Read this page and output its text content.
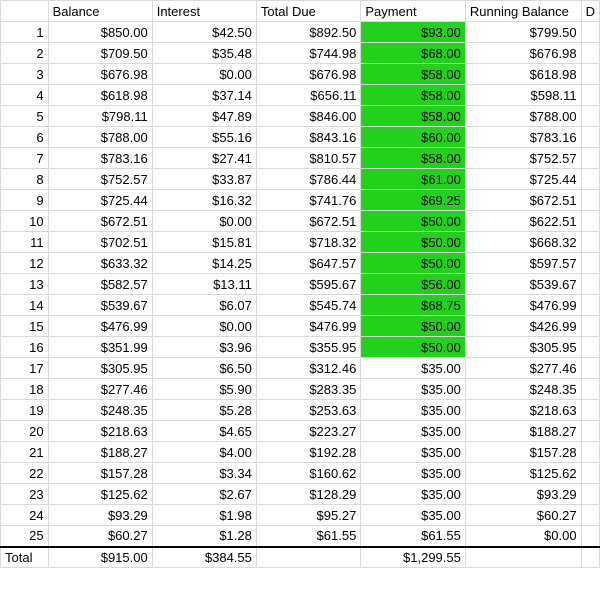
	Balance	Interest	Total Due	Payment	Running Balance	D
1	$850.00	$42.50	$892.50	$93.00	$799.50	
2	$709.50	$35.48	$744.98	$68.00	$676.98	
3	$676.98	$0.00	$676.98	$58.00	$618.98	
4	$618.98	$37.14	$656.11	$58.00	$598.11	
5	$798.11	$47.89	$846.00	$58.00	$788.00	
6	$788.00	$55.16	$843.16	$60.00	$783.16	
7	$783.16	$27.41	$810.57	$58.00	$752.57	
8	$752.57	$33.87	$786.44	$61.00	$725.44	
9	$725.44	$16.32	$741.76	$69.25	$672.51	
10	$672.51	$0.00	$672.51	$50.00	$622.51	
11	$702.51	$15.81	$718.32	$50.00	$668.32	
12	$633.32	$14.25	$647.57	$50.00	$597.57	
13	$582.57	$13.11	$595.67	$56.00	$539.67	
14	$539.67	$6.07	$545.74	$68.75	$476.99	
15	$476.99	$0.00	$476.99	$50.00	$426.99	
16	$351.99	$3.96	$355.95	$50.00	$305.95	
17	$305.95	$6.50	$312.46	$35.00	$277.46	
18	$277.46	$5.90	$283.35	$35.00	$248.35	
19	$248.35	$5.28	$253.63	$35.00	$218.63	
20	$218.63	$4.65	$223.27	$35.00	$188.27	
21	$188.27	$4.00	$192.28	$35.00	$157.28	
22	$157.28	$3.34	$160.62	$35.00	$125.62	
23	$125.62	$2.67	$128.29	$35.00	$93.29	
24	$93.29	$1.98	$95.27	$35.00	$60.27	
25	$60.27	$1.28	$61.55	$61.55	$0.00	
Total	$915.00	$384.55		$1,299.55		
